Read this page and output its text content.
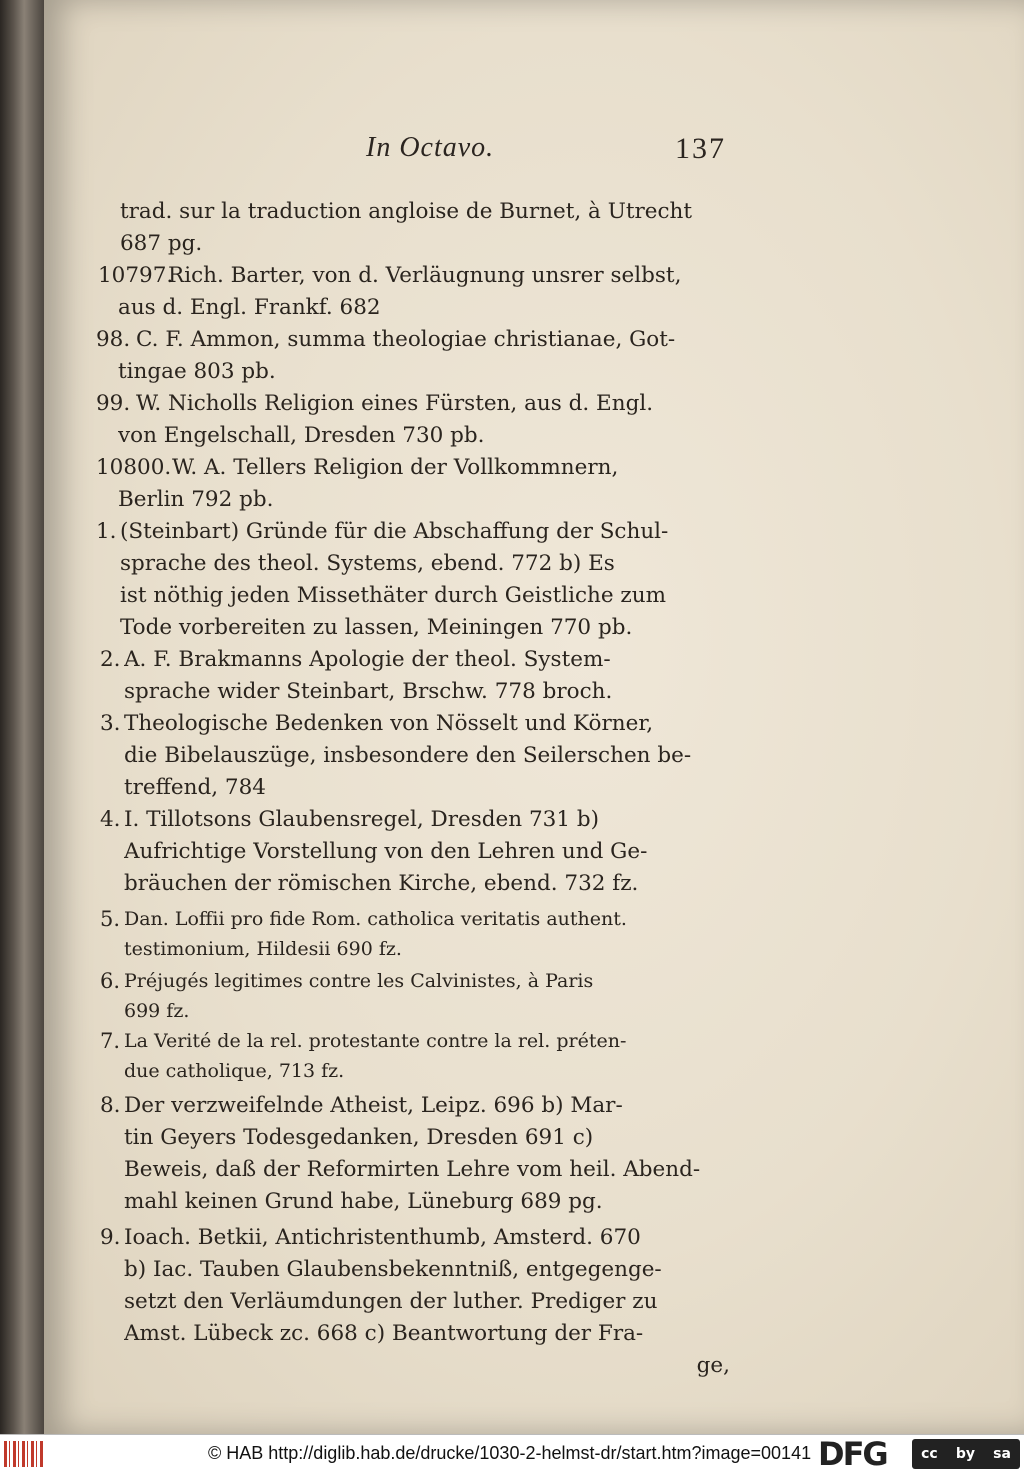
In Octavo.	137
trad. sur la traduction angloise de Burnet, à Utrecht
687 pg.
10797.
Rich. Barter, von d. Verläugnung unsrer selbst,
aus d. Engl. Frankf. 682
98. C. F. Ammon, summa theologiae christianae, Got-
tingae 803 pb.
99. W. Nicholls Religion eines Fürsten, aus d. Engl.
von Engelschall, Dresden 730 pb.
10800. W. A. Tellers Religion der Vollkommnern,
Berlin 792 pb.
1. (Steinbart) Gründe für die Abschaffung der Schul-
sprache des theol. Systems, ebend. 772 b) Es
ist nöthig jeden Missethäter durch Geistliche zum
Tode vorbereiten zu lassen, Meiningen 770 pb.
2. A. F. Brakmanns Apologie der theol. System-
sprache wider Steinbart, Brschw. 778 broch.
3. Theologische Bedenken von Nösselt und Körner,
die Bibelauszüge, insbesondere den Seilerschen be-
treffend, 784
4. I. Tillotsons Glaubensregel, Dresden 731 b)
Aufrichtige Vorstellung von den Lehren und Ge-
bräuchen der römischen Kirche, ebend. 732 fz.
5. Dan. Loffii pro fide Rom. catholica veritatis authent.
testimonium, Hildesii 690 fz.
6. Préjugés legitimes contre les Calvinistes, à Paris
699 fz.
7. La Verité de la rel. protestante contre la rel. préten-
due catholique, 713 fz.
8. Der verzweifelnde Atheist, Leipz. 696 b) Mar-
tin Geyers Todesgedanken, Dresden 691 c)
Beweis, daß der Reformirten Lehre vom heil. Abend-
mahl keinen Grund habe, Lüneburg 689 pg.
9. Ioach. Betkii, Antichristenthumb, Amsterd. 670
b) Iac. Tauben Glaubensbekenntniß, entgegenge-
setzt den Verläumdungen der luther. Prediger zu
Amst. Lübeck zc. 668 c) Beantwortung der Fra-
ge,
© HAB http://diglib.hab.de/drucke/1030-2-helmst-dr/start.htm?image=00141 DFG cc by sa
